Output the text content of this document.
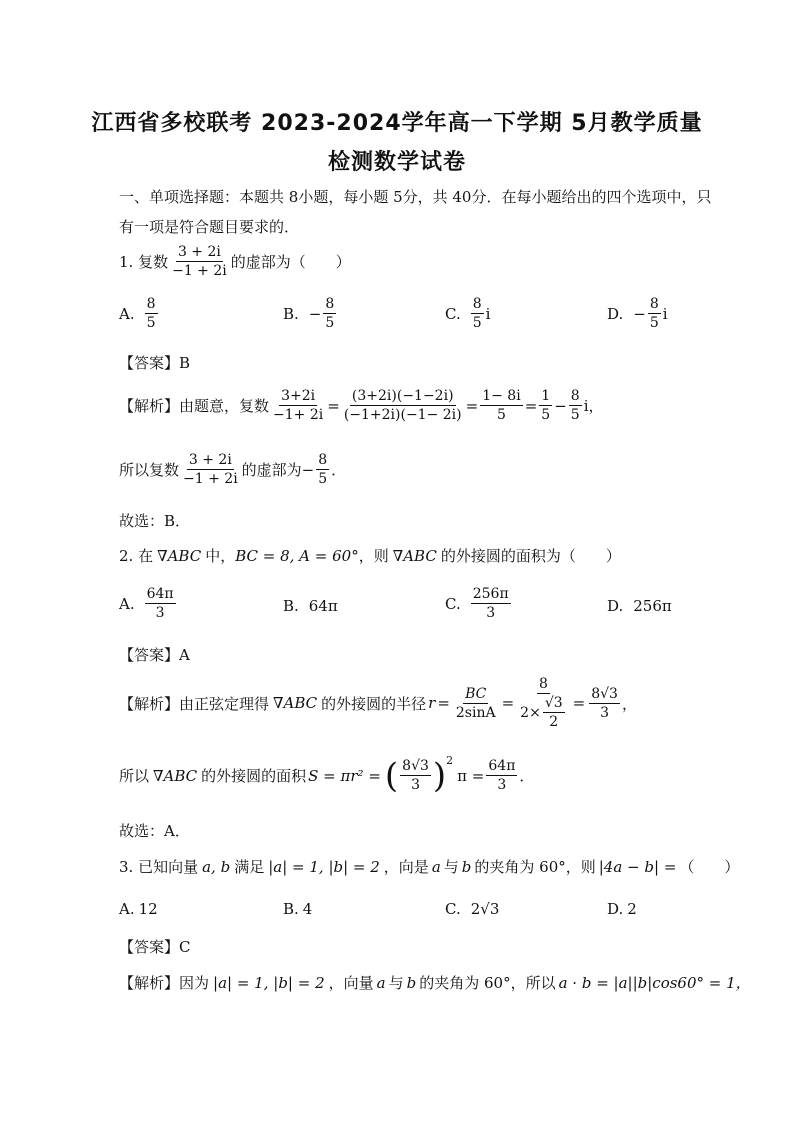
江西省多校联考 2023-2024学年高一下学期 5月教学质量
检测数学试卷
一、单项选择题：本题共 8小题，每小题 5分，共 40分．在每小题给出的四个选项中，只
有一项是符合题目要求的．
1. 复数 $\frac{3 + 2i}{-1 + 2i}$ 的虚部为（　　）
A. $\frac{8}{5}$	B. − $\frac{8}{5}$	C. $\frac{8}{5}$ i	D. − $\frac{8}{5}$ i
【答案】B
【解析】 由题意，复数 $\frac{3+2i}{-1+ 2i} = \frac{(3+2i)(-1-2i)}{(-1+2i)(-1- 2i)} = \frac{1- 8i}{5} = \frac{1}{5} - \frac{8}{5}$ i，
所以复数 $\frac{3 + 2i}{-1 + 2i}$ 的虚部为− $\frac{8}{5}$ ．
故选：B．
2. 在 ∇ABC 中， BC = 8, A = 60° ，则 ∇ABC 的外接圆的面积为（　　）
A. $\frac{64\pi}{3}$	B. 64π	C. $\frac{256\pi}{3}$	D. 256π
【答案】A
【解析】 由正弦定理得 ∇ABC 的外接圆的半径 $r = \frac{BC}{2\sin A} = \frac{8}{2\times \frac{√3}{2}} = \frac{8√3}{3}$ ，
所以 ∇ABC 的外接圆的面积 S = πr² = ( $\frac{8√3}{3}$ ) 2
$\pi = \frac{64\pi}{3}$ ．
故选：A．
3. 已知向量 a, b 满足 |a| = 1, |b| = 2 ，向是 a 与 b 的夹角为 60°，则 |4a − b| = （　　）
A. 12	B. 4	C. 2√3	D. 2
【答案】C
【解析】 因为 |a| = 1, |b| = 2 ，向量 a 与 b 的夹角为 60°，所以 a · b = |a||b|cos60° = 1，
